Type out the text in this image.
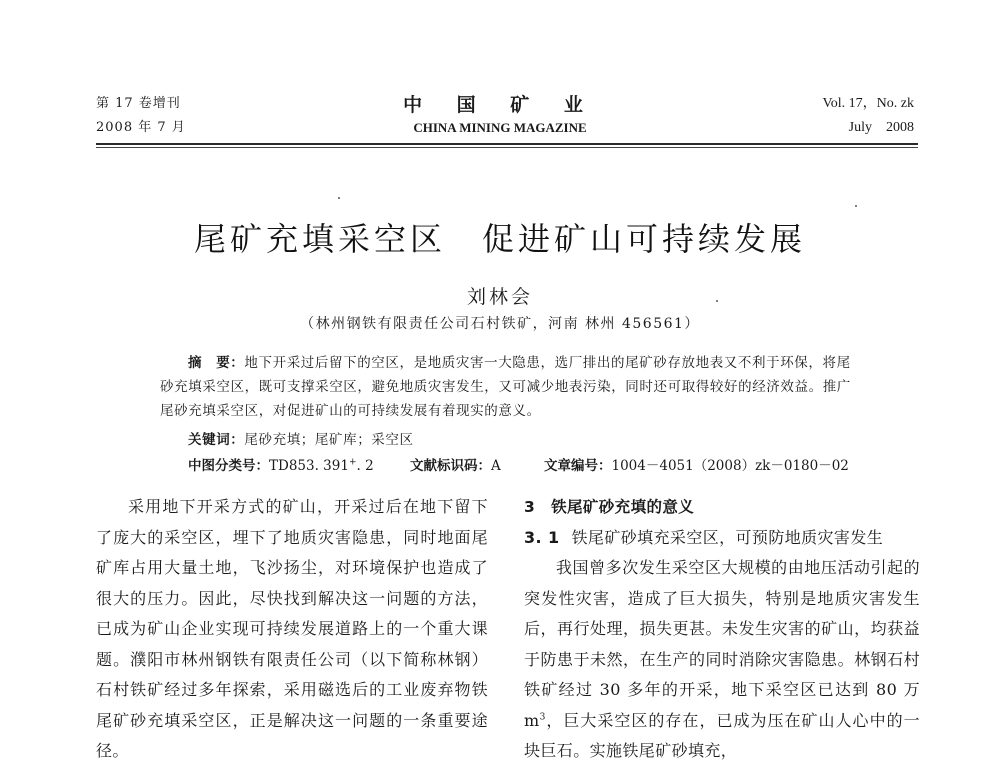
第 17 卷增刊
2008 年 7 月
中 国 矿 业
CHINA MINING MAGAZINE
Vol. 17，No. zk
July　2008
尾矿充填采空区　促进矿山可持续发展
刘林会
（林州钢铁有限责任公司石村铁矿，河南 林州 456561）
摘　要：地下开采过后留下的空区，是地质灾害一大隐患，选厂排出的尾矿砂存放地表又不利于环保，将尾砂充填采空区，既可支撑采空区，避免地质灾害发生，又可减少地表污染，同时还可取得较好的经济效益。推广尾砂充填采空区，对促进矿山的可持续发展有着现实的意义。
关键词：尾砂充填；尾矿库；采空区
中图分类号：TD853. 391+. 2	文献标识码：A	文章编号：1004－4051（2008）zk－0180－02

采用地下开采方式的矿山，开采过后在地下留下了庞大的采空区，埋下了地质灾害隐患，同时地面尾矿库占用大量土地，飞沙扬尘，对环境保护也造成了很大的压力。因此，尽快找到解决这一问题的方法，已成为矿山企业实现可持续发展道路上的一个重大课题。濮阳市林州钢铁有限责任公司（以下简称林钢）石村铁矿经过多年探索，采用磁选后的工业废弃物铁尾矿砂充填采空区，正是解决这一问题的一条重要途径。

3　铁尾矿砂充填的意义

3. 1 铁尾矿砂填充采空区，可预防地质灾害发生

我国曾多次发生采空区大规模的由地压活动引起的突发性灾害，造成了巨大损失，特别是地质灾害发生后，再行处理，损失更甚。未发生灾害的矿山，均获益于防患于未然，在生产的同时消除灾害隐患。林钢石村铁矿经过 30 多年的开采，地下采空区已达到 80 万 $m^3$，巨大采空区的存在，已成为压在矿山人心中的一块巨石。实施铁尾矿砂填充，
